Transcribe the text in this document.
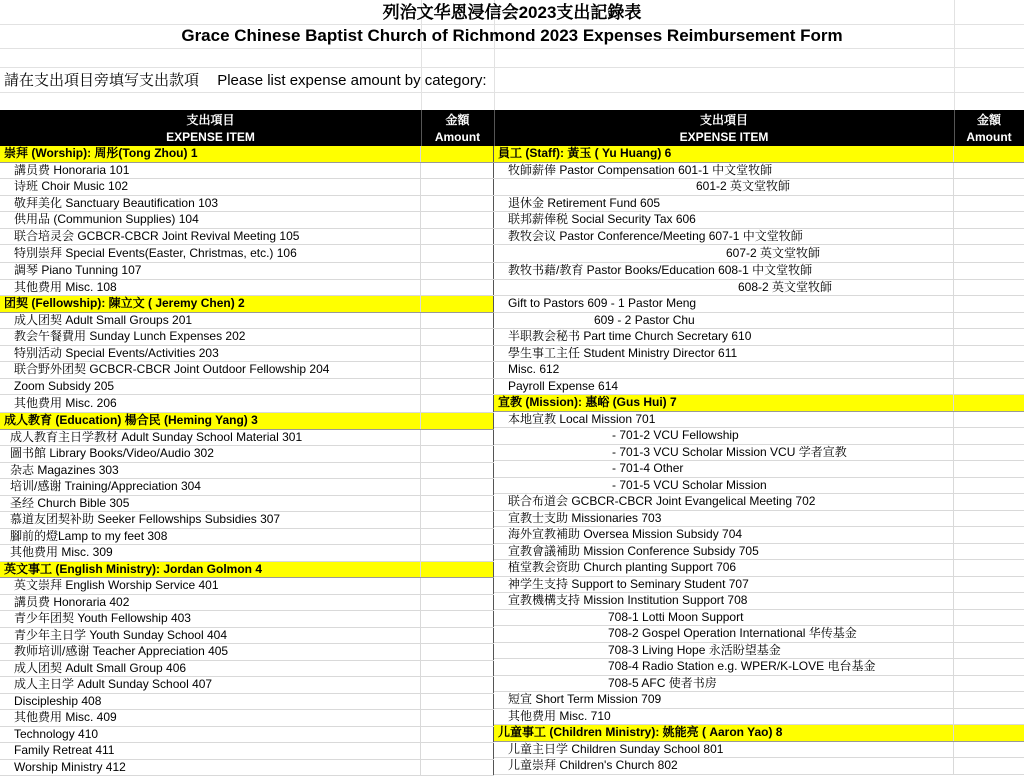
列治文华恩浸信会2023支出記錄表
Grace Chinese Baptist Church of Richmond 2023 Expenses Reimbursement Form
請在支出項目旁填写支出款項 Please list expense amount by category:
支出項目
EXPENSE ITEM
金額
Amount
支出項目
EXPENSE ITEM
金額
Amount
崇拜 (Worship): 周彤(Tong Zhou) 1
講员费 Honoraria 101
诗班 Choir Music 102
敬拜美化 Sanctuary Beautification 103
供用品 (Communion Supplies) 104
联合培灵会 GCBCR-CBCR Joint Revival Meeting 105
特別崇拜 Special Events(Easter, Christmas, etc.) 106
調琴 Piano Tunning 107
其他费用 Misc. 108
团契 (Fellowship): 陳立文 ( Jeremy Chen) 2
成人团契 Adult Small Groups 201
教会午餐費用 Sunday Lunch Expenses 202
特别活动 Special Events/Activities 203
联合野外团契 GCBCR-CBCR Joint Outdoor Fellowship 204
Zoom Subsidy 205
其他费用 Misc. 206
成人教育 (Education) 楊合民 (Heming Yang) 3
成人教育主日学教材 Adult Sunday School Material 301
圖书館 Library Books/Video/Audio 302
杂志 Magazines 303
培训/感谢 Training/Appreciation 304
圣经 Church Bible 305
慕道友团契补助 Seeker Fellowships Subsidies 307
腳前的燈Lamp to my feet 308
其他费用 Misc. 309
英文事工 (English Ministry): Jordan Golmon 4
英文崇拜 English Worship Service 401
講员费 Honoraria 402
青少年团契 Youth Fellowship 403
青少年主日学 Youth Sunday School 404
教师培训/感谢 Teacher Appreciation 405
成人团契 Adult Small Group 406
成人主日学 Adult Sunday School 407
Discipleship 408
其他费用 Misc. 409
Technology 410
Family Retreat 411
Worship Ministry 412
員工 (Staff): 黃玉 ( Yu Huang) 6
牧師薪俸 Pastor Compensation 601-1 中文堂牧師
601-2 英文堂牧師
退休金 Retirement Fund 605
联邦薪俸税 Social Security Tax 606
教牧会议 Pastor Conference/Meeting 607-1 中文堂牧師
607-2 英文堂牧師
教牧书藉/教育 Pastor Books/Education 608-1 中文堂牧師
608-2 英文堂牧師
Gift to Pastors 609 - 1 Pastor Meng
609 - 2 Pastor Chu
半职教会秘书 Part time Church Secretary 610
學生事工主任 Student Ministry Director 611
Misc. 612
Payroll Expense 614
宣教 (Mission): 惠峪 (Gus Hui) 7
本地宣教 Local Mission 701
- 701-2 VCU Fellowship
- 701-3 VCU Scholar Mission VCU 学者宣教
- 701-4 Other
- 701-5 VCU Scholar Mission
联合布道会 GCBCR-CBCR Joint Evangelical Meeting 702
宣教士支助 Missionaries 703
海外宣教補助 Oversea Mission Subsidy 704
宣教會議補助 Mission Conference Subsidy 705
植堂教会资助 Church planting Support 706
神学生支持 Support to Seminary Student 707
宣教機構支持 Mission Institution Support 708
708-1 Lotti Moon Support
708-2 Gospel Operation International 华传基金
708-3 Living Hope 永活盼望基金
708-4 Radio Station e.g. WPER/K-LOVE 电台基金
708-5 AFC 使者书房
短宣 Short Term Mission 709
其他费用 Misc. 710
儿童事工 (Children Ministry): 姚能亮 ( Aaron Yao) 8
儿童主日学 Children Sunday School 801
儿童崇拜 Children's Church 802
